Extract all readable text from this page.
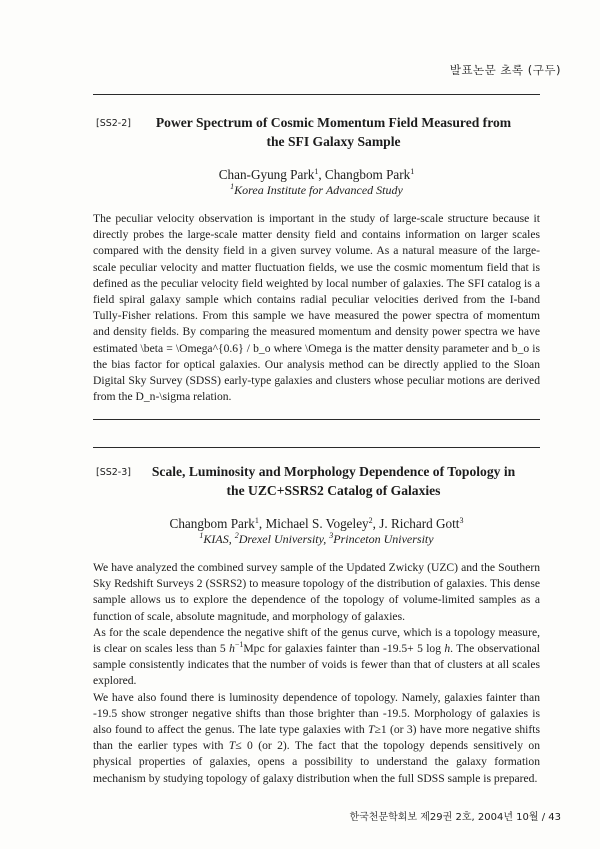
발표논문 초록 (구두)
[SS2-2]	Power Spectrum of Cosmic Momentum Field Measured from
the SFI Galaxy Sample
Chan-Gyung Park$^1$, Changbom Park$^1$
$^1$Korea Institute for Advanced Study

The peculiar velocity observation is important in the study of large-scale structure because it directly probes the large-scale matter density field and contains information on larger scales compared with the density field in a given survey volume. As a natural measure of the large-scale peculiar velocity and matter fluctuation fields, we use the cosmic momentum field that is defined as the peculiar velocity field weighted by local number of galaxies. The SFI catalog is a field spiral galaxy sample which contains radial peculiar velocities derived from the I-band Tully-Fisher relations. From this sample we have measured the power spectra of momentum and density fields. By comparing the measured momentum and density power spectra we have estimated \beta = \Omega^{0.6} / b_o where \Omega is the matter density parameter and b_o is the bias factor for optical galaxies. Our analysis method can be directly applied to the Sloan Digital Sky Survey (SDSS) early-type galaxies and clusters whose peculiar motions are derived from the D_n-\sigma relation.

[SS2-3]	Scale, Luminosity and Morphology Dependence of Topology in
the UZC+SSRS2 Catalog of Galaxies
Changbom Park$^1$, Michael S. Vogeley$^2$, J. Richard Gott$^3$
$^1$KIAS, $^2$Drexel University, $^3$Princeton University

We have analyzed the combined survey sample of the Updated Zwicky (UZC) and the Southern Sky Redshift Surveys 2 (SSRS2) to measure topology of the distribution of galaxies. This dense sample allows us to explore the dependence of the topology of volume-limited samples as a function of scale, absolute magnitude, and morphology of galaxies.

As for the scale dependence the negative shift of the genus curve, which is a topology measure, is clear on scales less than 5 $h^{-1}Mpc$ for galaxies fainter than -19.5+ 5 log h. The observational sample consistently indicates that the number of voids is fewer than that of clusters at all scales explored.

We have also found there is luminosity dependence of topology. Namely, galaxies fainter than -19.5 show stronger negative shifts than those brighter than -19.5. Morphology of galaxies is also found to affect the genus. The late type galaxies with T≥1 (or 3) have more negative shifts than the earlier types with T≤ 0 (or 2). The fact that the topology depends sensitively on physical properties of galaxies, opens a possibility to understand the galaxy formation mechanism by studying topology of galaxy distribution when the full SDSS sample is prepared.

한국천문학회보 제29권 2호, 2004년 10월 / 43
